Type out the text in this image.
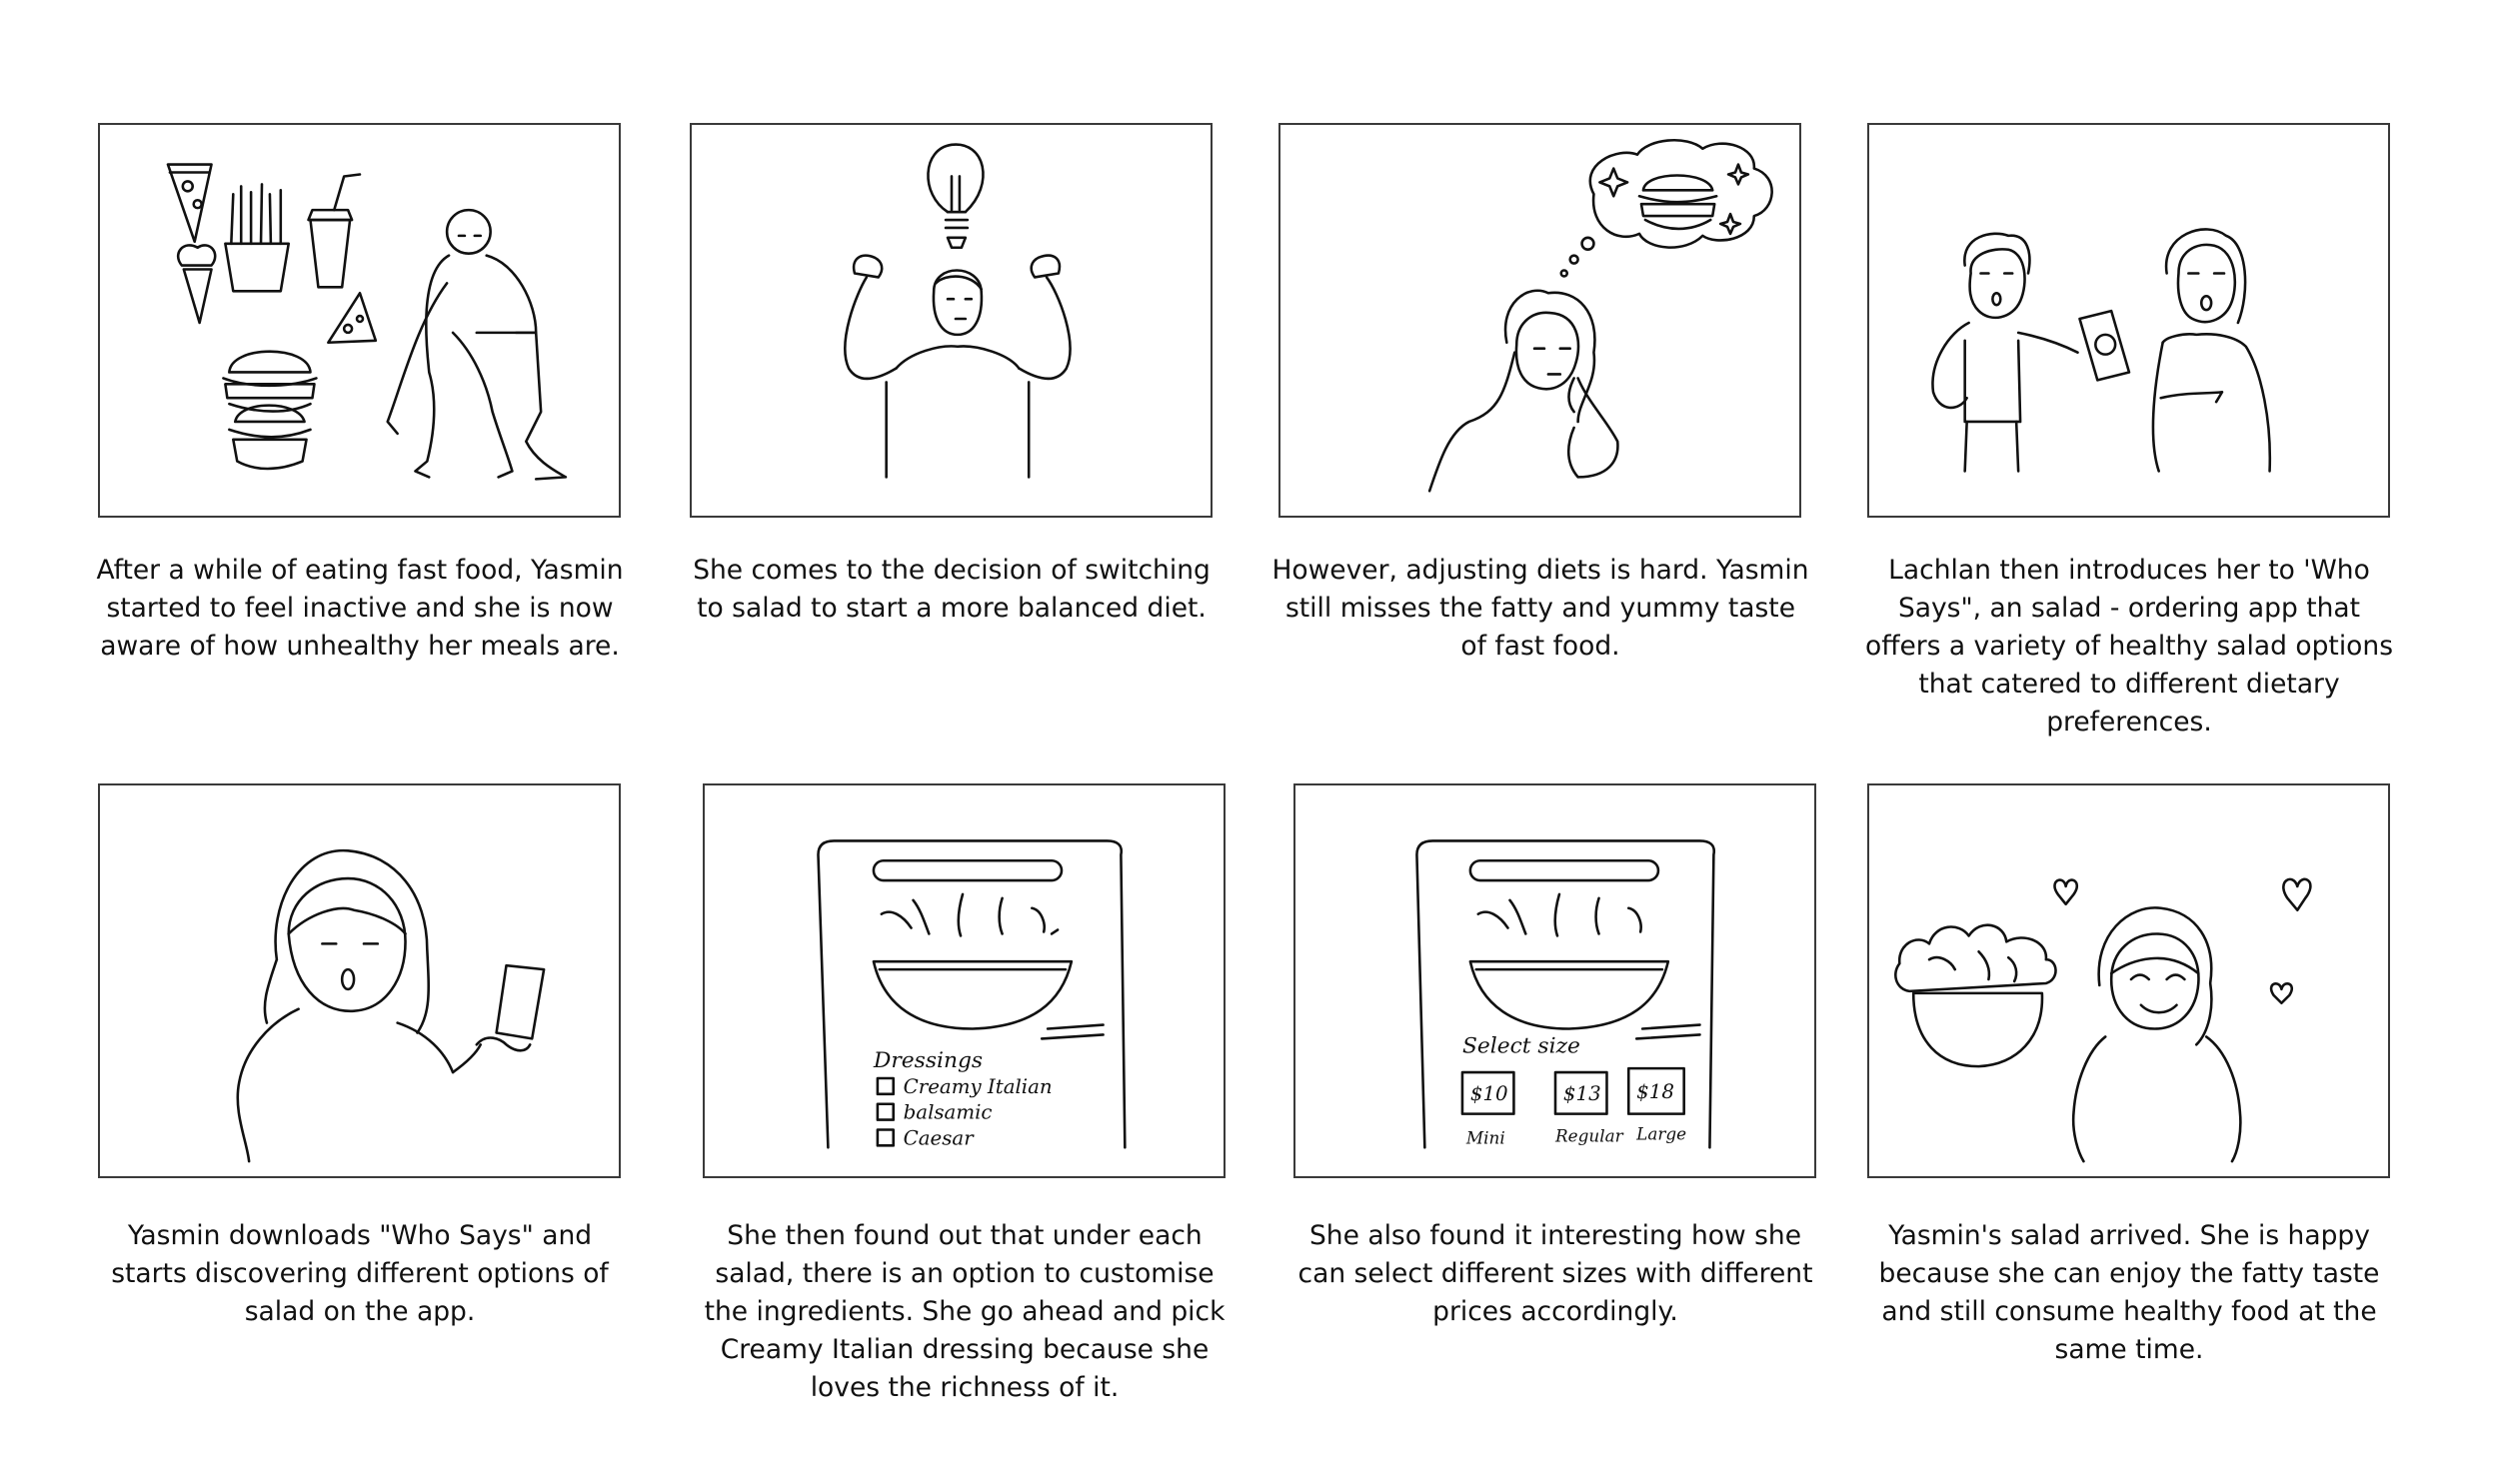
Dressings
Creamy Italian
balsamic
Caesar
Select size
$10	$13 $18
Mini	Regular Large
After a while of eating fast food, Yasmin started to feel inactive and she is now aware of how unhealthy her meals are.
She comes to the decision of switching to salad to start a more balanced diet.
However, adjusting diets is hard. Yasmin still misses the fatty and yummy taste of fast food.
Lachlan then introduces her to 'Who Says", an salad - ordering app that offers a variety of healthy salad options that catered to different dietary preferences.
Yasmin downloads "Who Says" and starts discovering different options of salad on the app.
She then found out that under each salad, there is an option to customise the ingredients. She go ahead and pick Creamy Italian dressing because she loves the richness of it.
She also found it interesting how she can select different sizes with different prices accordingly.
Yasmin's salad arrived. She is happy because she can enjoy the fatty taste and still consume healthy food at the same time.
